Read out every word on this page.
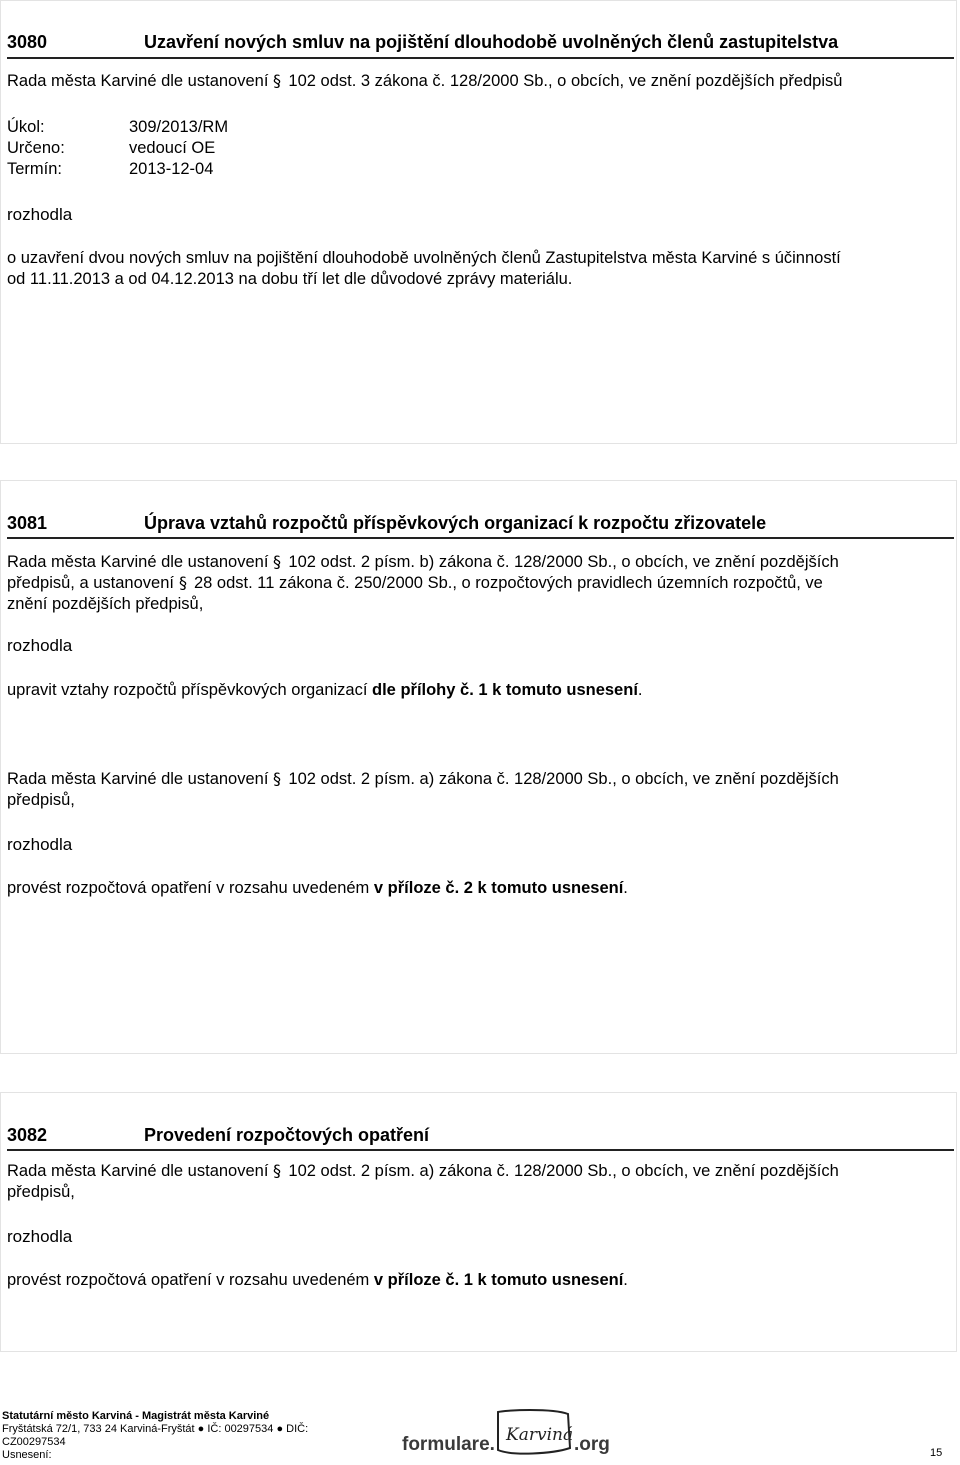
3080	Uzavření nových smluv na pojištění dlouhodobě uvolněných členů zastupitelstva
Rada města Karviné dle ustanovení § 102 odst. 3 zákona č. 128/2000 Sb., o obcích, ve znění pozdějších předpisů
Úkol:	309/2013/RM
Určeno:	vedoucí OE
Termín:	2013-12-04
rozhodla
o uzavření dvou nových smluv na pojištění dlouhodobě uvolněných členů Zastupitelstva města Karviné s účinností
od 11.11.2013 a od 04.12.2013 na dobu tří let dle důvodové zprávy materiálu.
3081	Úprava vztahů rozpočtů příspěvkových organizací k rozpočtu zřizovatele
Rada města Karviné dle ustanovení § 102 odst. 2 písm. b) zákona č. 128/2000 Sb., o obcích, ve znění pozdějších
předpisů, a ustanovení § 28 odst. 11 zákona č. 250/2000 Sb., o rozpočtových pravidlech územních rozpočtů, ve
znění pozdějších předpisů,
rozhodla
upravit vztahy rozpočtů příspěvkových organizací dle přílohy č. 1 k tomuto usnesení.
Rada města Karviné dle ustanovení § 102 odst. 2 písm. a) zákona č. 128/2000 Sb., o obcích, ve znění pozdějších
předpisů,
rozhodla
provést rozpočtová opatření v rozsahu uvedeném v příloze č. 2 k tomuto usnesení.
3082	Provedení rozpočtových opatření
Rada města Karviné dle ustanovení § 102 odst. 2 písm. a) zákona č. 128/2000 Sb., o obcích, ve znění pozdějších
předpisů,
rozhodla
provést rozpočtová opatření v rozsahu uvedeném v příloze č. 1 k tomuto usnesení.
Statutární město Karviná - Magistrát města Karviné
Fryštátská 72/1, 733 24 Karviná-Fryštát ● IČ: 00297534 ● DIČ:
CZ00297534
Usnesení:	formulare. Karviná .org	15
